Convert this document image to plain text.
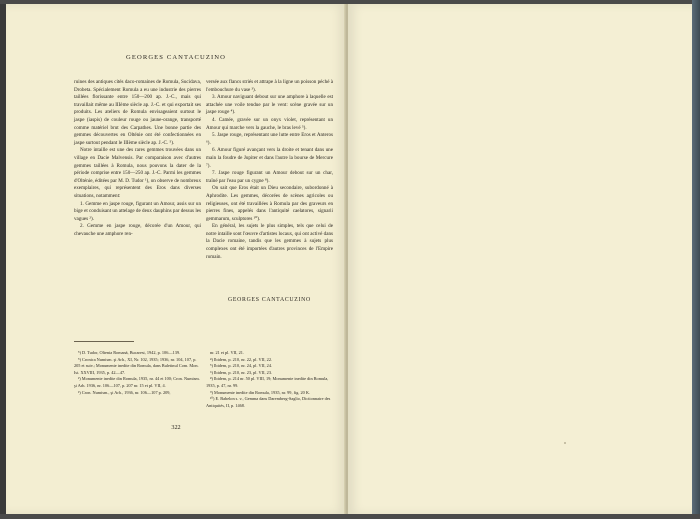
GEORGES CANTACUZINO

ruines des antiques cités daco-romaines de Romula, Sucidava, Drobeta. Spécialement Romula a eu une industrie des pierres taillées florissante entre 150—200 ap. J.-C., mais qui travaillait même au IIIème siècle ap. J.-C. et qui exportait ses produits. Les ateliers de Romula envisageaient surtout le jaspe (iaspis) de couleur rouge ou jaune-orange, transporté comme matériel brut des Carpathes. Une bonne partie des gemmes découvertes en Olténie ont été confectionnées en jaspe surtout pendant le IIIème siècle ap. J.-C. ⁵).

Notre intaille est une des rares gemmes trouvées dans un village en Dacie Malvensis. Par comparaison avec d'autres gemmes taillées à Romula, nous pouvons la dater de la période comprise entre 150—250 ap. J.-C. Parmi les gemmes d'Olténie, éditées par M. D. Tudor ¹), on observe de nombreux exemplaires, qui représentent des Eros dans diverses situations, notamment:

1. Gemme en jaspe rouge, figurant un Amour, assis sur un bige et conduisant un attelage de deux dauphins par dessus les vagues ²).

2. Gemme en jaspe rouge, décorée d'un Amour, qui chevauche une amphore ren-

versée aux flancs striés et attrape à la ligne un poisson péché à l'embouchure du vase ³).

3. Amour naviguant debout sur une amphore à laquelle est attachée une voile tendue par le vent: scène gravée sur un jaspe rouge ⁴).

4. Camée, gravée sur un onyx violet, représentant un Amour qui marche vers la gauche, le bras levé ⁵).

5. Jaspe rouge, représentant une lutte entre Eros et Anteros ⁶).

6. Amour figuré avançant vers la droite et tenant dans une main la foudre de Jupiter et dans l'autre la bourse de Mercure ⁷).

7. Jaspe rouge figurant un Amour debout sur un char, traîné par l'eau par un cygne ⁸).

On sait que Eros était un Dieu secondaire, subordonné à Aphrodite. Les gemmes, décorées de scènes agricoles ou religieuses, ont été travaillées à Romula par des graveurs en pierres fines, appelés dans l'antiquité caelatores, signarii gemmarum, sculptores ¹⁰).

En général, les sujets le plus simples, tels que celui de notre intaille sont l'œuvre d'artistes locaux, qui ont activé dans la Dacie romaine, tandis que les gemmes à sujets plus complexes ont été importées d'autres provinces de l'Empire romain.

GEORGES CANTACUZINO
⁵) D. Tudor, Oltenia Romană, Bucarest, 1942, p. 106—139.
⁵) Cronica Numism. şi Arh., XI, Nr. 102, 1935; 1936, nr. 104, 107, p. 205 et suiv.; Monumente inedite din Romula, dans Buletinul Com. Mon. Ist. XXVIII, 1935, p. 42—47.
²) Monumente inedite din Romula, 1935, nr. 44 et 100; Cron. Numism. şi Arh. 1936, nr. 106—107, p. 207 nr. 15 et pl. VII, 4.
³) Cron. Numism., şi Arh., 1936, nr. 106—107 p. 209,
nr. 21 et pl. VII, 21.
⁴) Ibidem, p. 210, nr. 22, pl. VII, 22.
⁵) Ibidem, p. 210, nr. 24, pl. VII, 24.
⁶) Ibidem, p. 210, nr. 23, pl. VII, 23.
⁸) Ibidem, p. 214 nr. 50 pl. VIII, 19; Monumente inedite din Romula, 1935, p. 47, nr. 99.
⁹) Monumente inedite din Romula, 1935, nr. 99, fig. 20 K.
¹⁰) E. Babelon s. v., Gemma dans Daremberg-Saglio, Dictionnaire des Antiquités, II, p. 1468.
322
